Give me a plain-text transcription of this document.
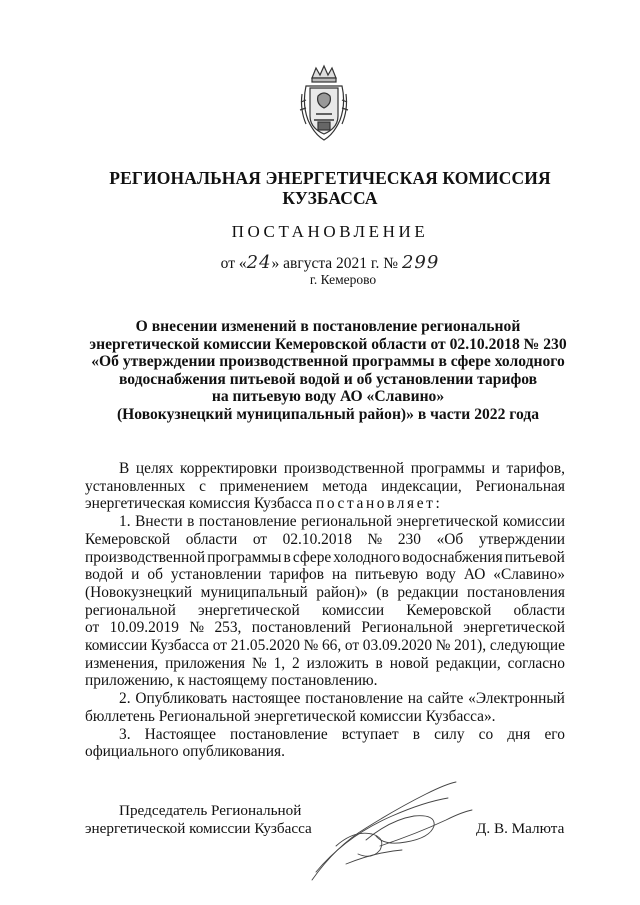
РЕГИОНАЛЬНАЯ ЭНЕРГЕТИЧЕСКАЯ КОМИССИЯ
КУЗБАССА
ПОСТАНОВЛЕНИЕ
от «24» августа 2021 г. № 299
г. Кемерово
О внесении изменений в постановление региональной
энергетической комиссии Кемеровской области от 02.10.2018 № 230
«Об утверждении производственной программы в сфере холодного
водоснабжения питьевой водой и об установлении тарифов
на питьевую воду АО «Славино»
(Новокузнецкий муниципальный район)» в части 2022 года
В целях корректировки производственной программы и тарифов,
установленных с применением метода индексации, Региональная
энергетическая комиссия Кузбасса
постановляет:
1. Внести в постановление региональной энергетической комиссии
Кемеровской области от 02.10.2018 № 230 «Об утверждении
производственной программы в сфере холодного водоснабжения питьевой
водой и об установлении тарифов на питьевую воду АО «Славино»
(Новокузнецкий муниципальный район)» (в редакции постановления
региональной энергетической комиссии Кемеровской области
от 10.09.2019 № 253, постановлений Региональной энергетической
комиссии Кузбасса от 21.05.2020 № 66, от 03.09.2020 № 201), следующие
изменения, приложения № 1, 2 изложить в новой редакции, согласно
приложению, к настоящему постановлению.
2. Опубликовать настоящее постановление на сайте «Электронный
бюллетень Региональной энергетической комиссии Кузбасса».
3. Настоящее постановление вступает в силу со дня его
официального опубликования.
Председатель Региональной
энергетической комиссии Кузбасса	Д. В. Малюта
